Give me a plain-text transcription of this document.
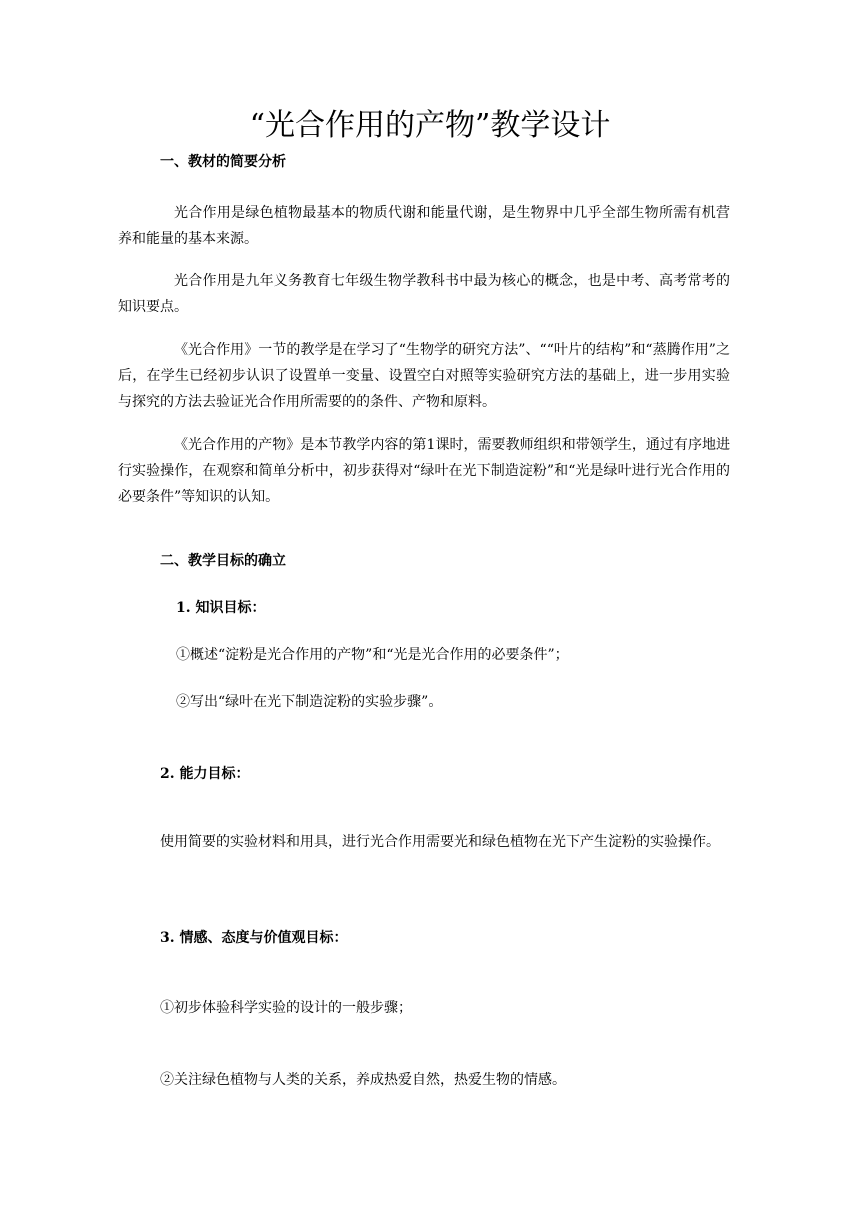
“光合作用的产物”教学设计
一、教材的简要分析

光合作用是绿色植物最基本的物质代谢和能量代谢，是生物界中几乎全部生物所需有机营养和能量的基本来源。

光合作用是九年义务教育七年级生物学教科书中最为核心的概念，也是中考、高考常考的知识要点。

《光合作用》一节的教学是在学习了“生物学的研究方法”、““叶片的结构”和“蒸腾作用”之后，在学生已经初步认识了设置单一变量、设置空白对照等实验研究方法的基础上，进一步用实验与探究的方法去验证光合作用所需要的的条件、产物和原料。

《光合作用的产物》是本节教学内容的第1课时，需要教师组织和带领学生，通过有序地进行实验操作，在观察和简单分析中，初步获得对“绿叶在光下制造淀粉”和“光是绿叶进行光合作用的必要条件”等知识的认知。

二、教学目标的确立
1. 知识目标：

①概述“淀粉是光合作用的产物”和“光是光合作用的必要条件”；

②写出“绿叶在光下制造淀粉的实验步骤”。

2. 能力目标：

使用简要的实验材料和用具，进行光合作用需要光和绿色植物在光下产生淀粉的实验操作。

3. 情感、态度与价值观目标：

①初步体验科学实验的设计的一般步骤；

②关注绿色植物与人类的关系，养成热爱自然，热爱生物的情感。
